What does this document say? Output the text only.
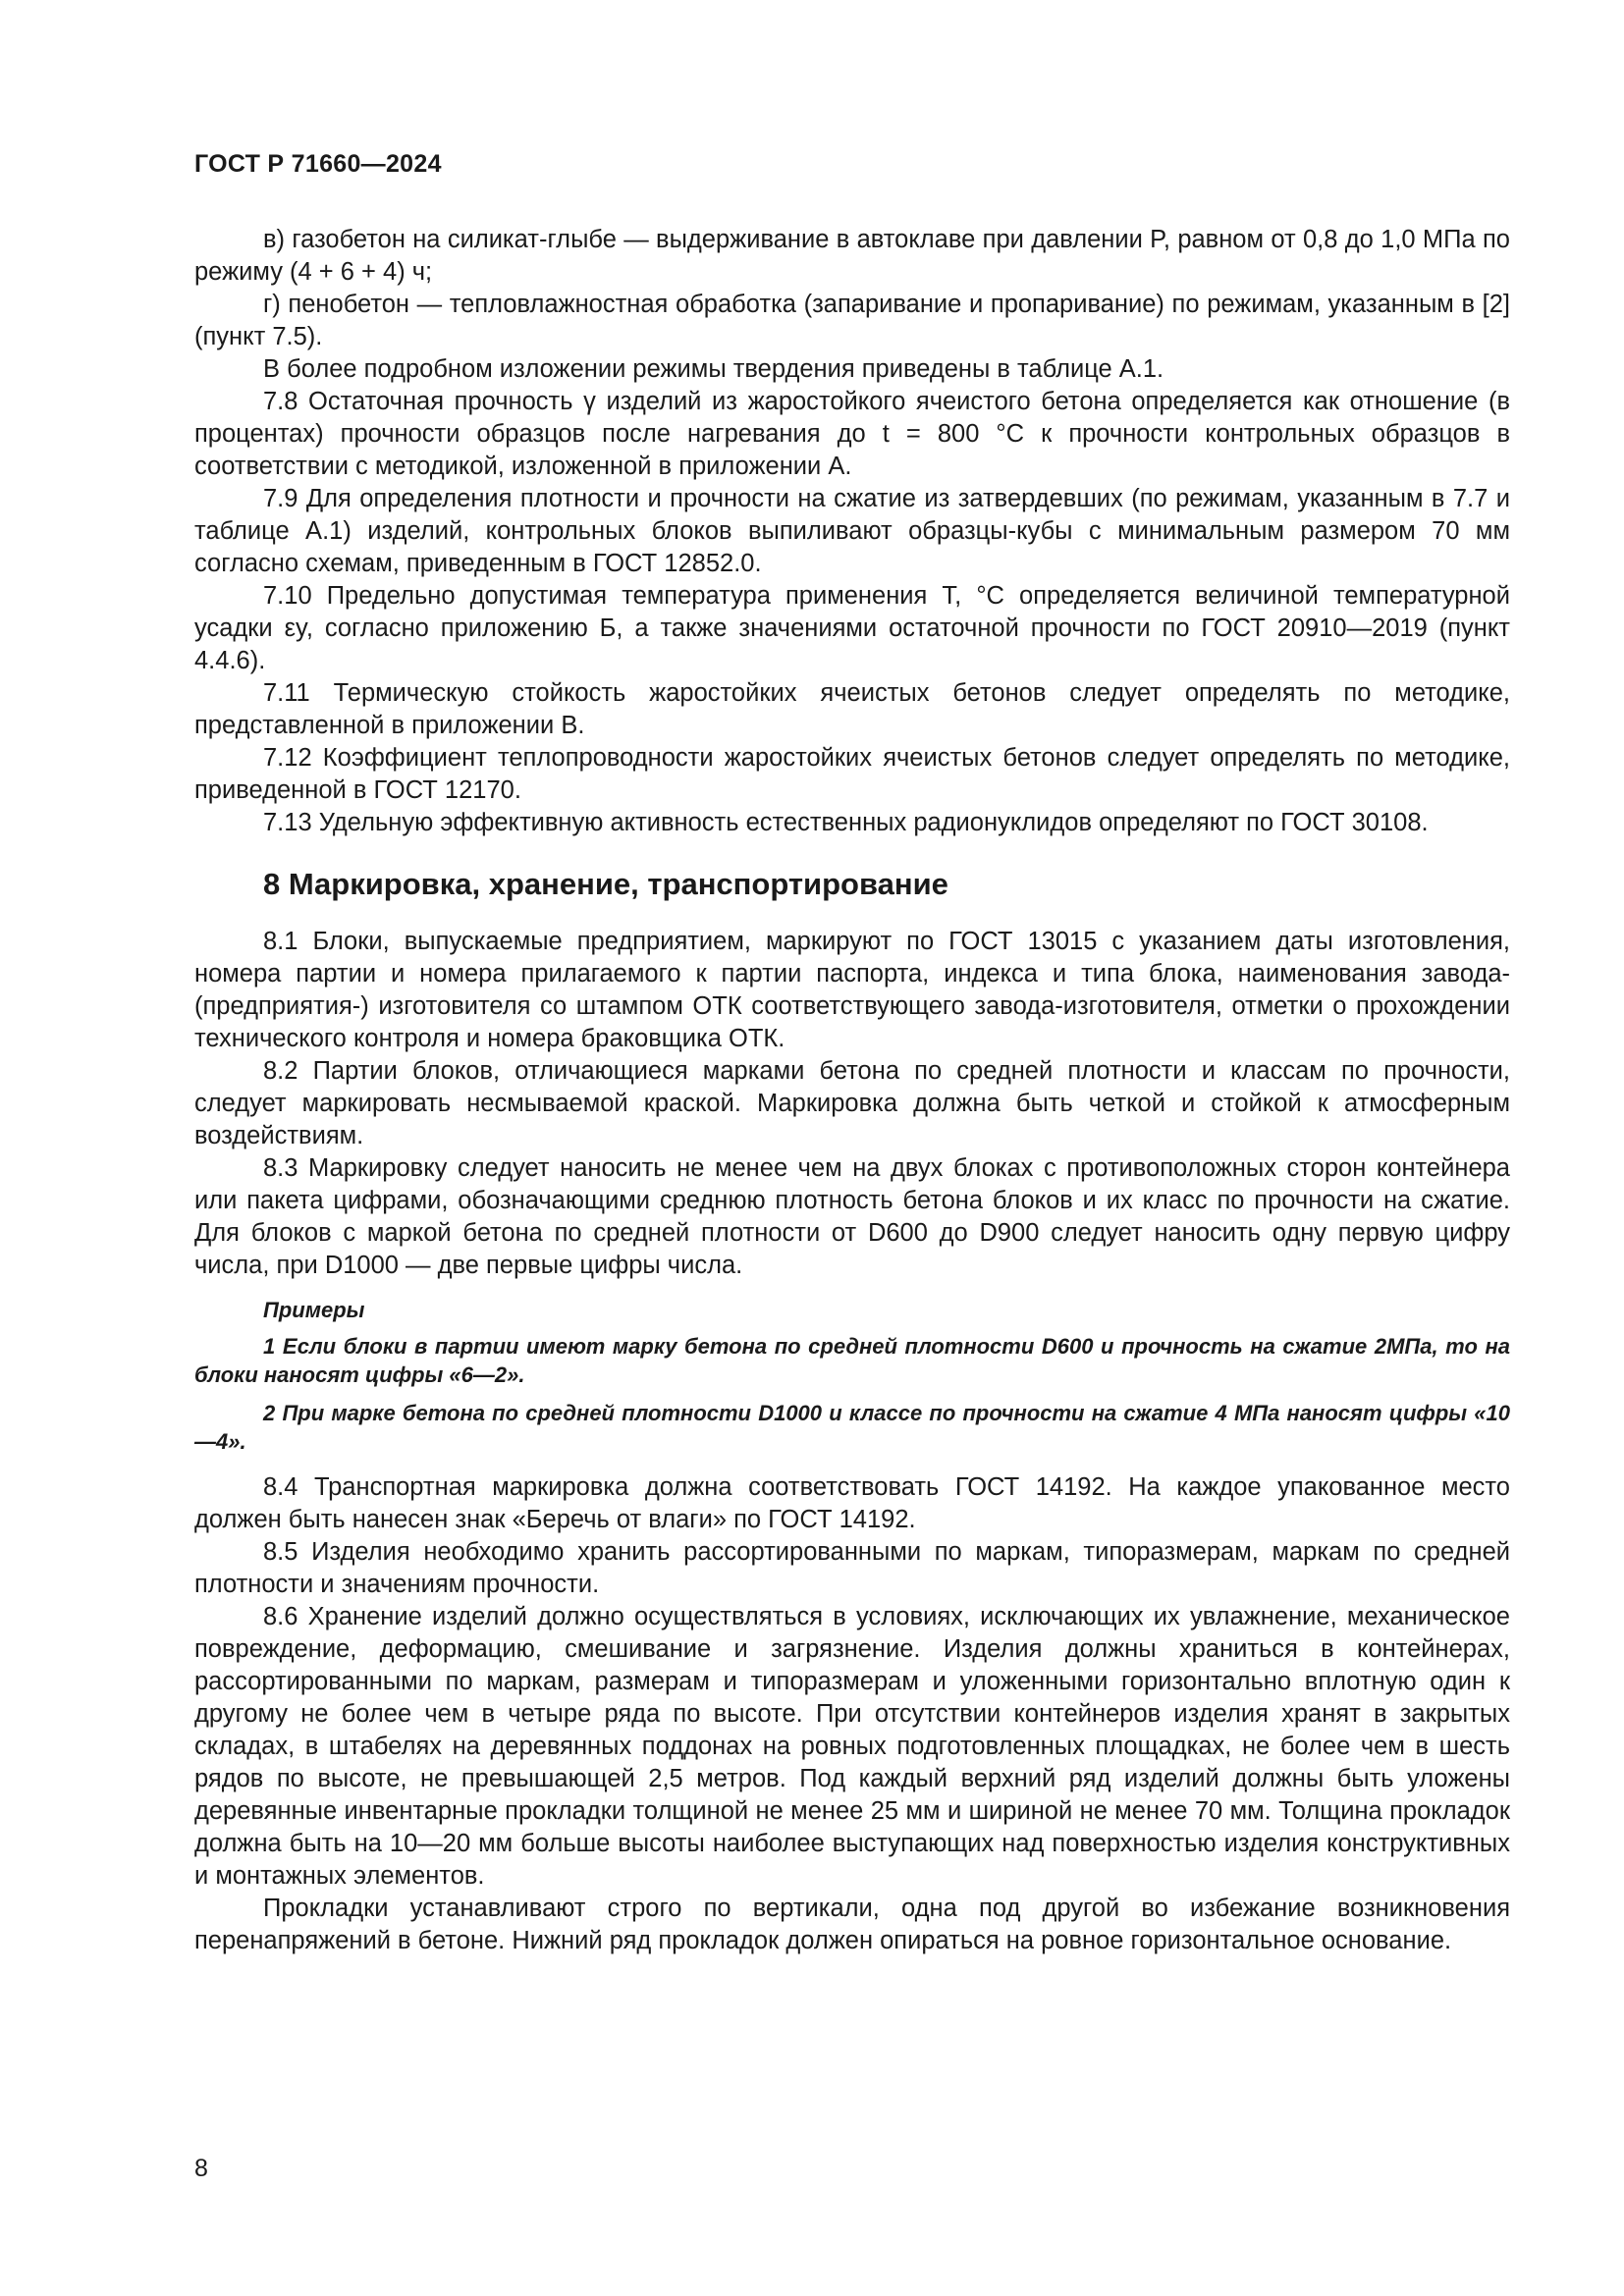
ГОСТ Р 71660—2024

в) газобетон на силикат-глыбе — выдерживание в автоклаве при давлении P, равном от 0,8 до 1,0 МПа по режиму (4 + 6 + 4) ч;

г) пенобетон — тепловлажностная обработка (запаривание и пропаривание) по режимам, указанным в [2] (пункт 7.5).

В более подробном изложении режимы твердения приведены в таблице А.1.

7.8 Остаточная прочность γ изделий из жаростойкого ячеистого бетона определяется как отношение (в процентах) прочности образцов после нагревания до t = 800 °С к прочности контрольных образцов в соответствии с методикой, изложенной в приложении А.

7.9 Для определения плотности и прочности на сжатие из затвердевших (по режимам, указанным в 7.7 и таблице А.1) изделий, контрольных блоков выпиливают образцы-кубы с минимальным размером 70 мм согласно схемам, приведенным в ГОСТ 12852.0.

7.10 Предельно допустимая температура применения T, °С определяется величиной температурной усадки εy, согласно приложению Б, а также значениями остаточной прочности по ГОСТ 20910—2019 (пункт 4.4.6).

7.11 Термическую стойкость жаростойких ячеистых бетонов следует определять по методике, представленной в приложении В.

7.12 Коэффициент теплопроводности жаростойких ячеистых бетонов следует определять по методике, приведенной в ГОСТ 12170.

7.13 Удельную эффективную активность естественных радионуклидов определяют по ГОСТ 30108.

8 Маркировка, хранение, транспортирование

8.1 Блоки, выпускаемые предприятием, маркируют по ГОСТ 13015 с указанием даты изготовления, номера партии и номера прилагаемого к партии паспорта, индекса и типа блока, наименования завода- (предприятия-) изготовителя со штампом ОТК соответствующего завода-изготовителя, отметки о прохождении технического контроля и номера браковщика ОТК.

8.2 Партии блоков, отличающиеся марками бетона по средней плотности и классам по прочности, следует маркировать несмываемой краской. Маркировка должна быть четкой и стойкой к атмосферным воздействиям.

8.3 Маркировку следует наносить не менее чем на двух блоках с противоположных сторон контейнера или пакета цифрами, обозначающими среднюю плотность бетона блоков и их класс по прочности на сжатие. Для блоков с маркой бетона по средней плотности от D600 до D900 следует наносить одну первую цифру числа, при D1000 — две первые цифры числа.

Примеры
1 Если блоки в партии имеют марку бетона по средней плотности D600 и прочность на сжатие 2МПа, то на блоки наносят цифры «6—2».
2 При марке бетона по средней плотности D1000 и классе по прочности на сжатие 4 МПа наносят цифры «10—4».

8.4 Транспортная маркировка должна соответствовать ГОСТ 14192. На каждое упакованное место должен быть нанесен знак «Беречь от влаги» по ГОСТ 14192.

8.5 Изделия необходимо хранить рассортированными по маркам, типоразмерам, маркам по средней плотности и значениям прочности.

8.6 Хранение изделий должно осуществляться в условиях, исключающих их увлажнение, механическое повреждение, деформацию, смешивание и загрязнение. Изделия должны храниться в контейнерах, рассортированными по маркам, размерам и типоразмерам и уложенными горизонтально вплотную один к другому не более чем в четыре ряда по высоте. При отсутствии контейнеров изделия хранят в закрытых складах, в штабелях на деревянных поддонах на ровных подготовленных площадках, не более чем в шесть рядов по высоте, не превышающей 2,5 метров. Под каждый верхний ряд изделий должны быть уложены деревянные инвентарные прокладки толщиной не менее 25 мм и шириной не менее 70 мм. Толщина прокладок должна быть на 10—20 мм больше высоты наиболее выступающих над поверхностью изделия конструктивных и монтажных элементов.

Прокладки устанавливают строго по вертикали, одна под другой во избежание возникновения перенапряжений в бетоне. Нижний ряд прокладок должен опираться на ровное горизонтальное основание.

8
